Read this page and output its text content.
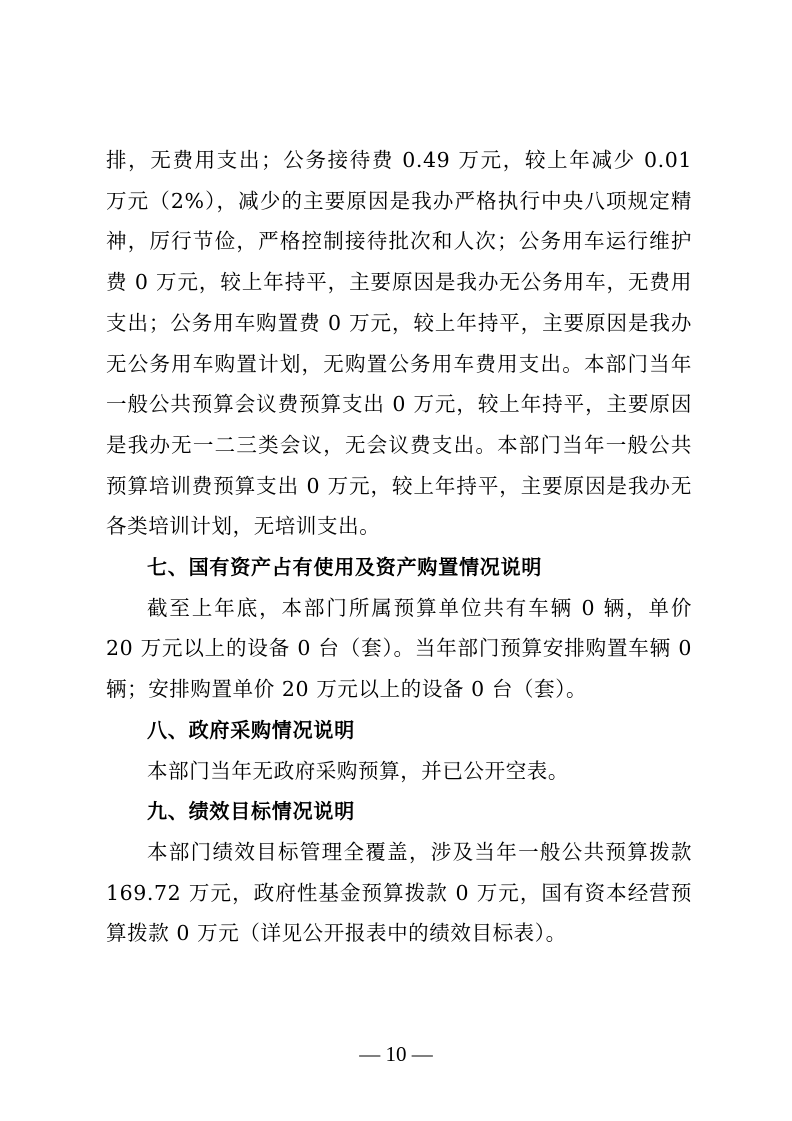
排，无费用支出；公务接待费 0.49 万元，较上年减少 0.01 万元（2%），减少的主要原因是我办严格执行中央八项规定精神，厉行节俭，严格控制接待批次和人次；公务用车运行维护费 0 万元，较上年持平，主要原因是我办无公务用车，无费用支出；公务用车购置费 0 万元，较上年持平，主要原因是我办无公务用车购置计划，无购置公务用车费用支出。本部门当年一般公共预算会议费预算支出 0 万元，较上年持平，主要原因是我办无一二三类会议，无会议费支出。本部门当年一般公共预算培训费预算支出 0 万元，较上年持平，主要原因是我办无各类培训计划，无培训支出。

七、国有资产占有使用及资产购置情况说明

截至上年底，本部门所属预算单位共有车辆 0 辆，单价 20 万元以上的设备 0 台（套）。当年部门预算安排购置车辆 0 辆；安排购置单价 20 万元以上的设备 0 台（套）。

八、政府采购情况说明

本部门当年无政府采购预算，并已公开空表。

九、绩效目标情况说明

本部门绩效目标管理全覆盖，涉及当年一般公共预算拨款 169.72 万元，政府性基金预算拨款 0 万元，国有资本经营预算拨款 0 万元（详见公开报表中的绩效目标表）。

— 10 —
